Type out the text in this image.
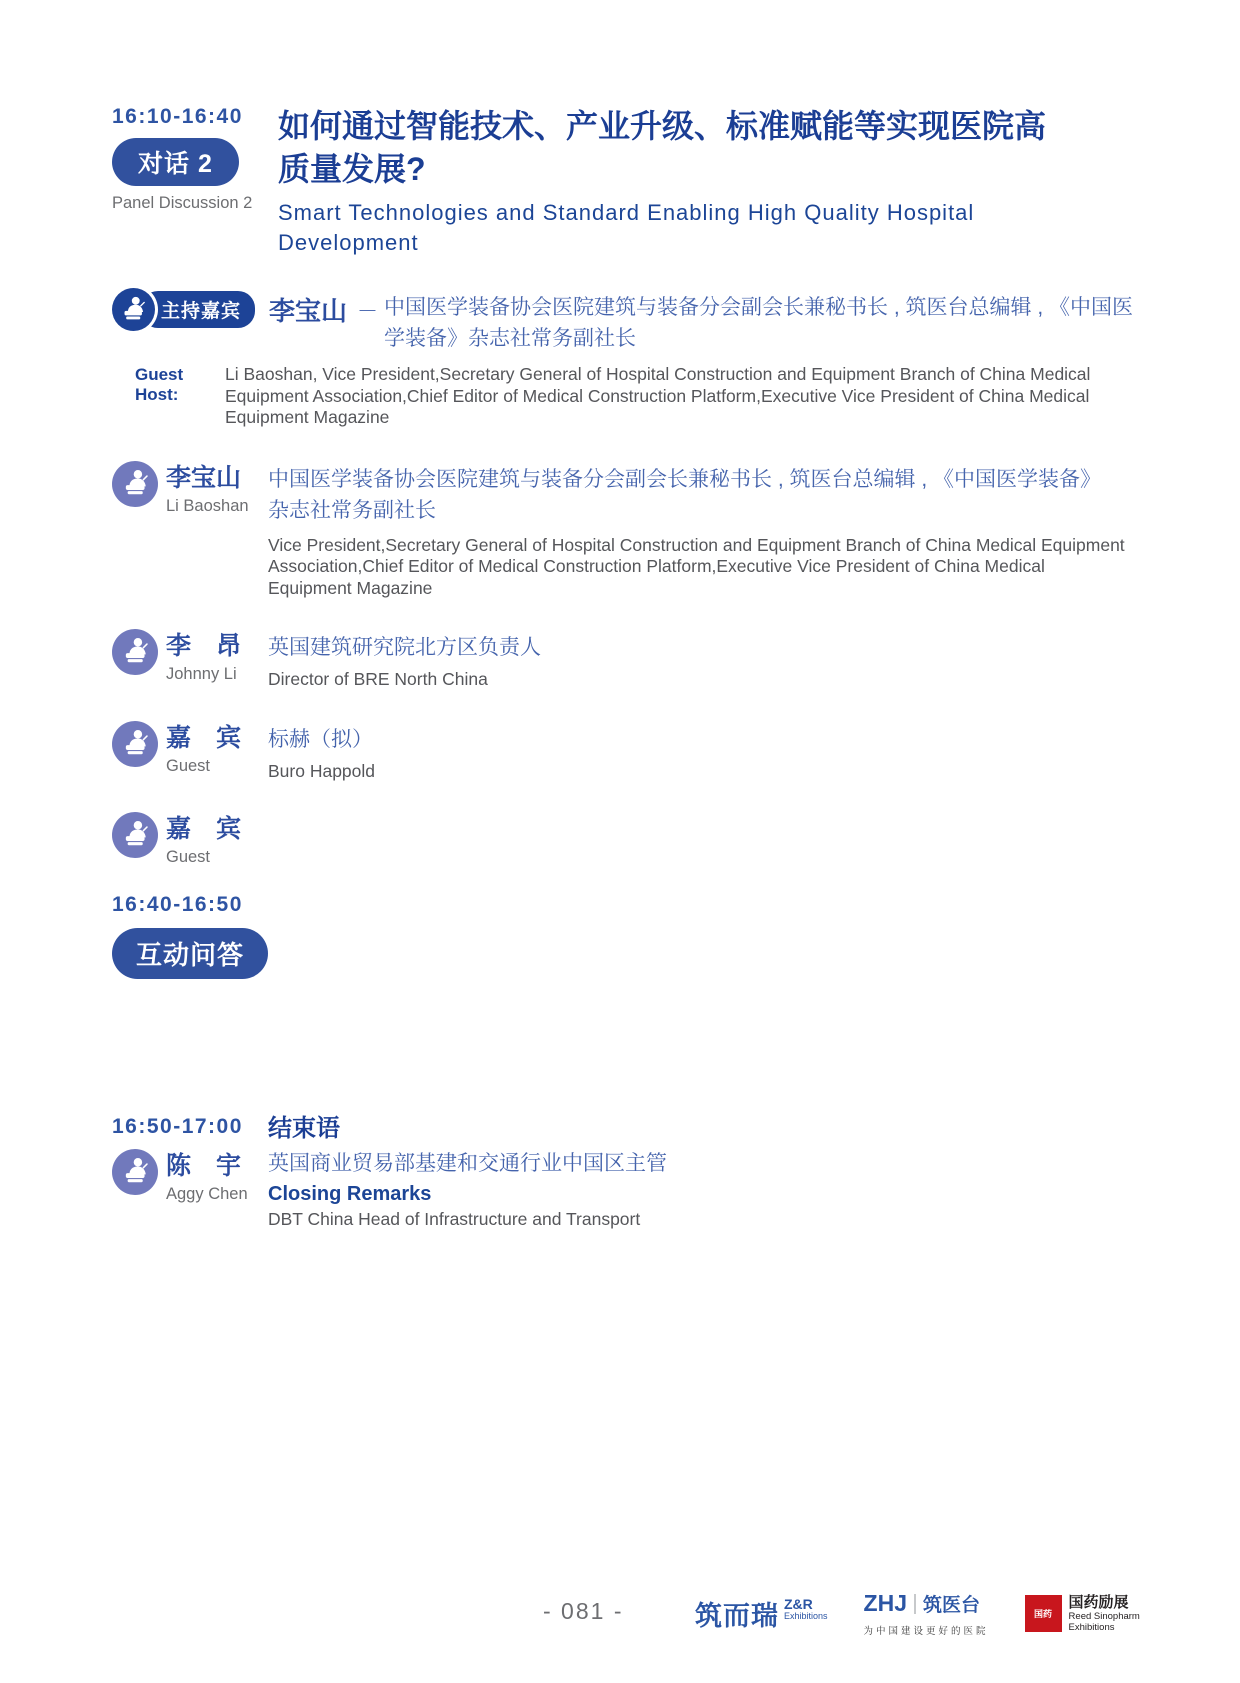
16:10-16:40
对话 2
Panel Discussion 2
如何通过智能技术、产业升级、标准赋能等实现医院高质量发展?
Smart Technologies and Standard Enabling High Quality Hospital Development
主持嘉宾	李宝山 － 中国医学装备协会医院建筑与装备分会副会长兼秘书长 , 筑医台总编辑 , 《中国医学装备》杂志社常务副社长
Guest Host:
Li Baoshan, Vice President,Secretary General of Hospital Construction and Equipment Branch of China Medical Equipment Association,Chief Editor of Medical Construction Platform,Executive Vice President of China Medical Equipment Magazine
李宝山
Li Baoshan
中国医学装备协会医院建筑与装备分会副会长兼秘书长 , 筑医台总编辑 , 《中国医学装备》杂志社常务副社长
Vice President,Secretary General of Hospital Construction and Equipment Branch of China Medical Equipment Association,Chief Editor of Medical Construction Platform,Executive Vice President of China Medical Equipment Magazine
李　昂
Johnny Li
英国建筑研究院北方区负责人
Director of BRE North China
嘉　宾
Guest
标赫（拟）
Buro Happold
嘉　宾
Guest
16:40-16:50
互动问答
16:50-17:00
陈　宇
Aggy Chen
结束语
英国商业贸易部基建和交通行业中国区主管
Closing Remarks
DBT China Head of Infrastructure and Transport
- 081 -	筑而瑞 Z&R
Exhibitions ZHJ 筑医台
为中国建设更好的医院
国药
国药励展
Reed Sinopharm
Exhibitions
